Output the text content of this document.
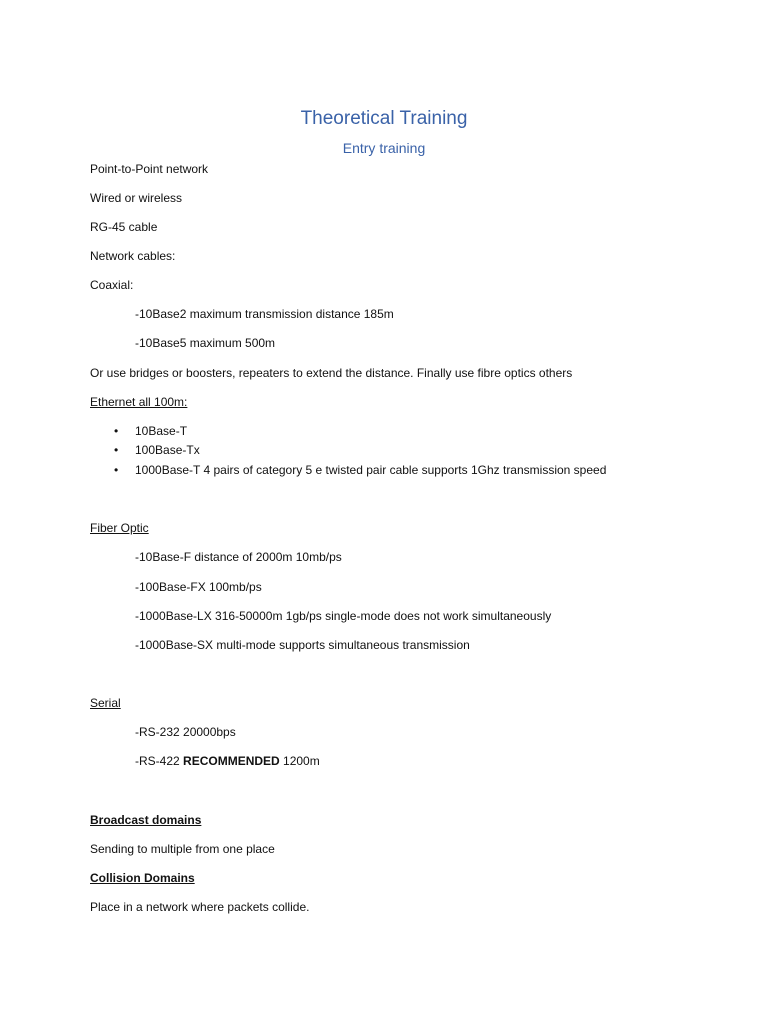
Theoretical Training
Entry training
Point-to-Point network
Wired or wireless
RG-45 cable
Network cables:
Coaxial:
-10Base2 maximum transmission distance 185m
-10Base5 maximum 500m
Or use bridges or boosters, repeaters to extend the distance. Finally use fibre optics others
Ethernet all 100m:
• 10Base-T
• 100Base-Tx
• 1000Base-T 4 pairs of category 5 e twisted pair cable supports 1Ghz transmission speed
Fiber Optic
-10Base-F distance of 2000m 10mb/ps
-100Base-FX 100mb/ps
-1000Base-LX 316-50000m 1gb/ps single-mode does not work simultaneously
-1000Base-SX multi-mode supports simultaneous transmission
Serial
-RS-232 20000bps
-RS-422 RECOMMENDED 1200m
Broadcast domains
Sending to multiple from one place
Collision Domains
Place in a network where packets collide.
